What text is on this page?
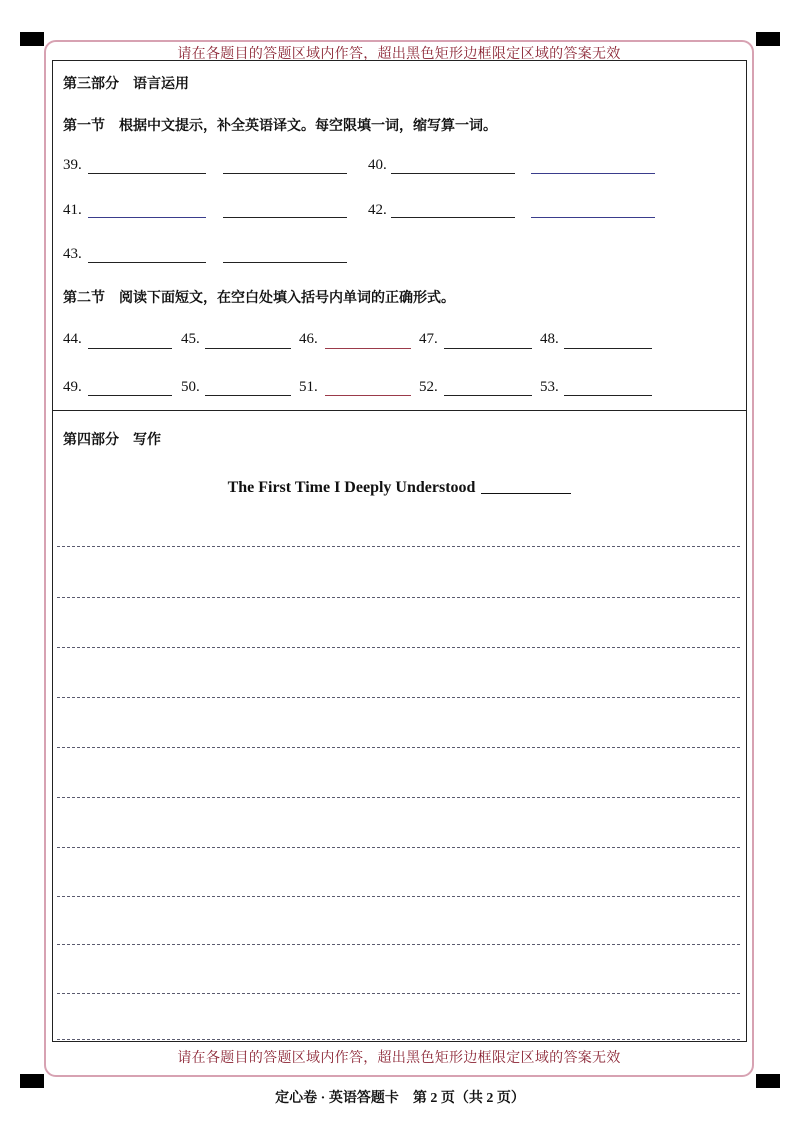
请在各题目的答题区域内作答，超出黑色矩形边框限定区域的答案无效
请在各题目的答题区域内作答，超出黑色矩形边框限定区域的答案无效
第三部分　语言运用
第一节　根据中文提示，补全英语译文。每空限填一词，缩写算一词。
39.	40.
41.	42.
43.
第二节　阅读下面短文，在空白处填入括号内单词的正确形式。
44.	45.	46.	47.	48.
49.	50.	51.	52.	53.
第四部分　写作
The First Time I Deeply Understood
定心卷 · 英语答题卡　第 2 页（共 2 页）
